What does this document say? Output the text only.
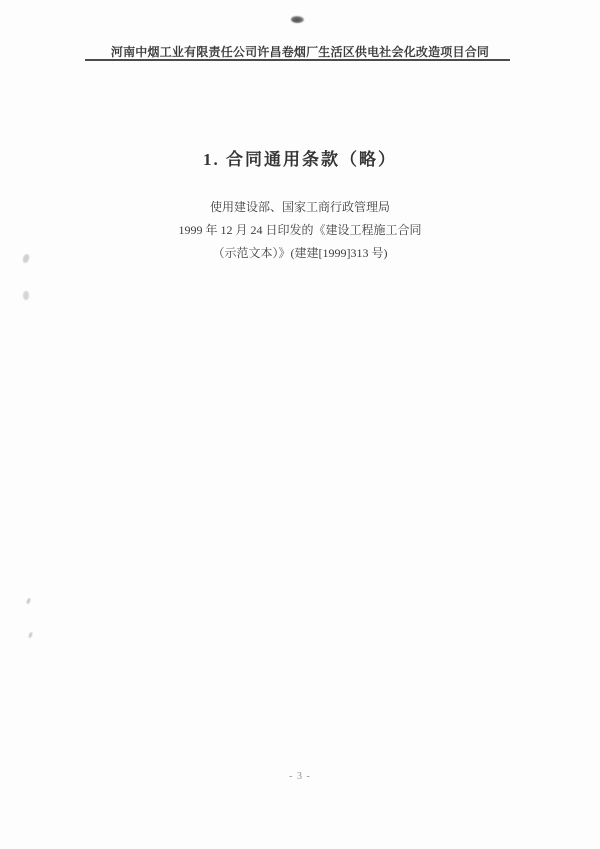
河南中烟工业有限责任公司许昌卷烟厂生活区供电社会化改造项目合同
1. 合同通用条款（略）
使用建设部、国家工商行政管理局
1999 年 12 月 24 日印发的《建设工程施工合同
（示范文本）》(建建[1999]313 号)
- 3 -
